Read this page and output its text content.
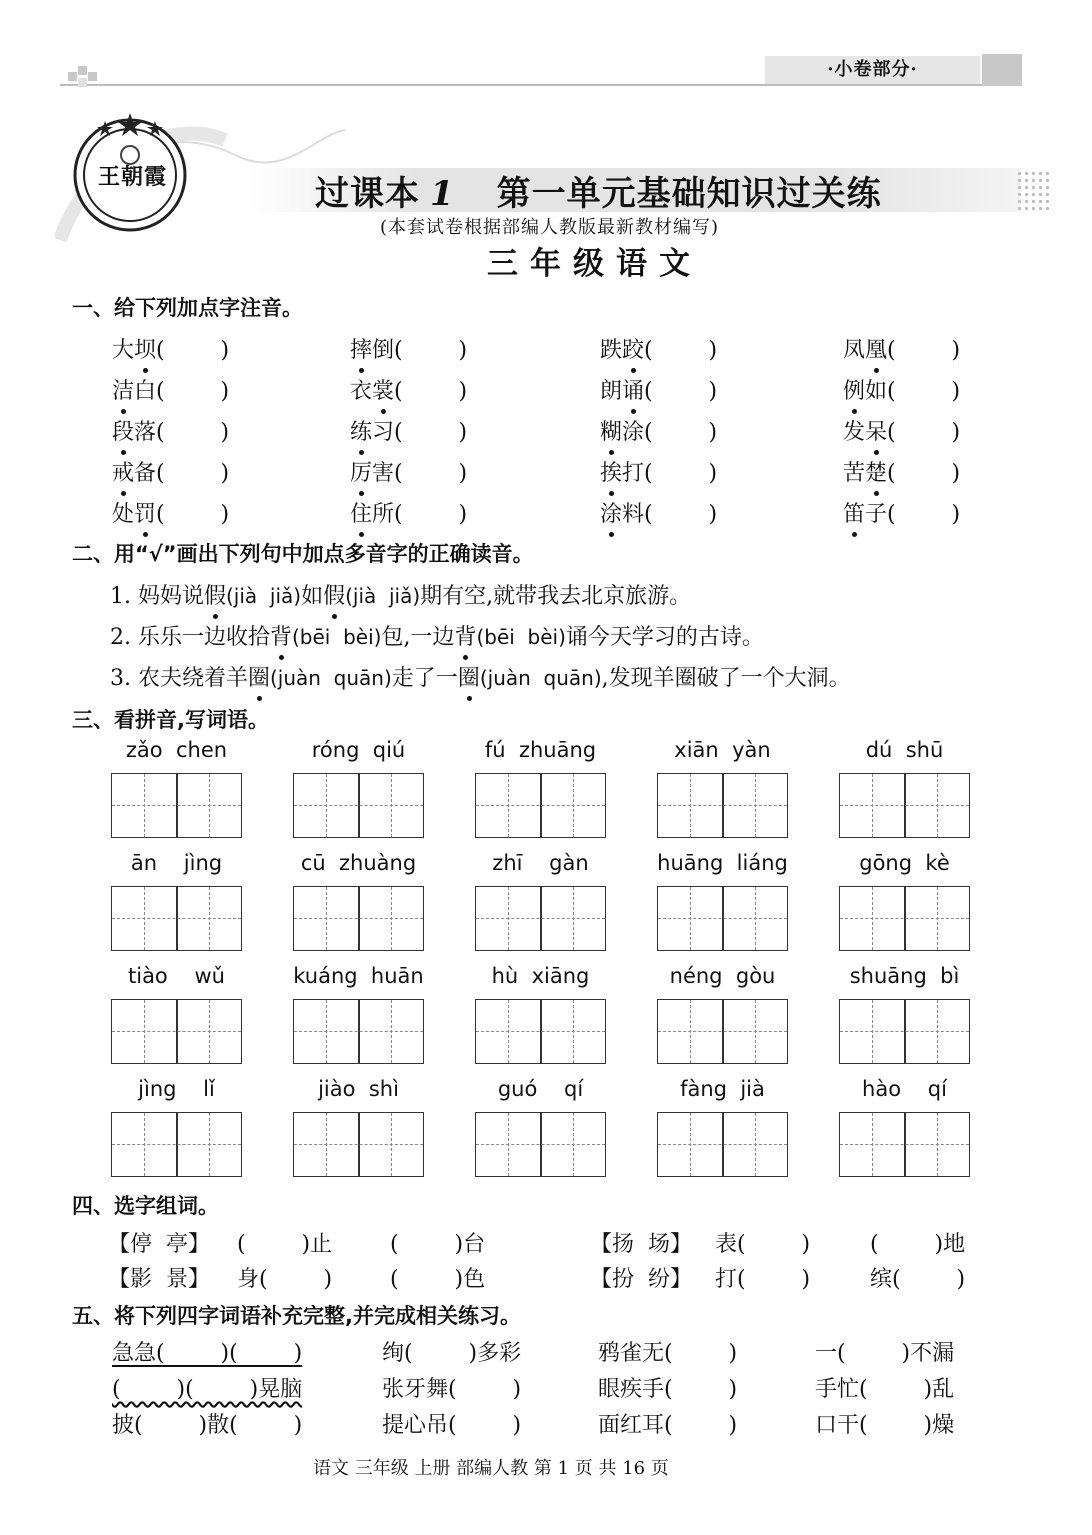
·小卷部分·
王朝霞	过课本 1 第一单元基础知识过关练
(本套试卷根据部编人教版最新教材编写)
三年级语文
一、给下列加点字注音。
大坝(        )	摔倒(        )	跌跤(        )	凤凰(        )
洁白(        )	衣裳(        )	朗诵(        )	例如(        )
段落(        )	练习(        )	糊涂(        )	发呆(        )
戒备(        )	厉害(        )	挨打(        )	苦楚(        )
处罚(        )	住所(        )	涂料(        )	笛子(        )
二、用“√”画出下列句中加点多音字的正确读音。
1. 妈妈说假(jià  jiǎ)如假(jià  jiǎ)期有空,就带我去北京旅游。
2. 乐乐一边收拾背(bēi  bèi)包,一边背(bēi  bèi)诵今天学习的古诗。
3. 农夫绕着羊圈(juàn  quān)走了一圈(juàn  quān),发现羊圈破了一个大洞。
三、看拼音,写词语。
zǎo  chen	róng  qiú	fú  zhuāng	xiān  yàn	dú  shū
ān    jìng	cū  zhuàng	zhī    gàn	huāng  liáng	gōng  kè
tiào    wǔ	kuáng  huān	hù  xiāng	néng  gòu	shuāng  bì
jìng    lǐ	jiào  shì	guó    qí	fàng  jià	hào    qí
四、选字组词。
【停  亭】 (        )止	(        )台	【扬  场】 表(        )	(        )地
【影  景】 身(        )	(        )色	【扮  纷】 打(        )	缤(        )
五、将下列四字词语补充完整,并完成相关练习。
急急(        )(        )	绚(        )多彩	鸦雀无(        )	一(        )不漏
(        )(        )晃脑	张牙舞(        )	眼疾手(        )	手忙(        )乱
披(        )散(        )	提心吊(        )	面红耳(        )	口干(        )燥
语文 三年级 上册 部编人教 第 1 页 共 16 页
